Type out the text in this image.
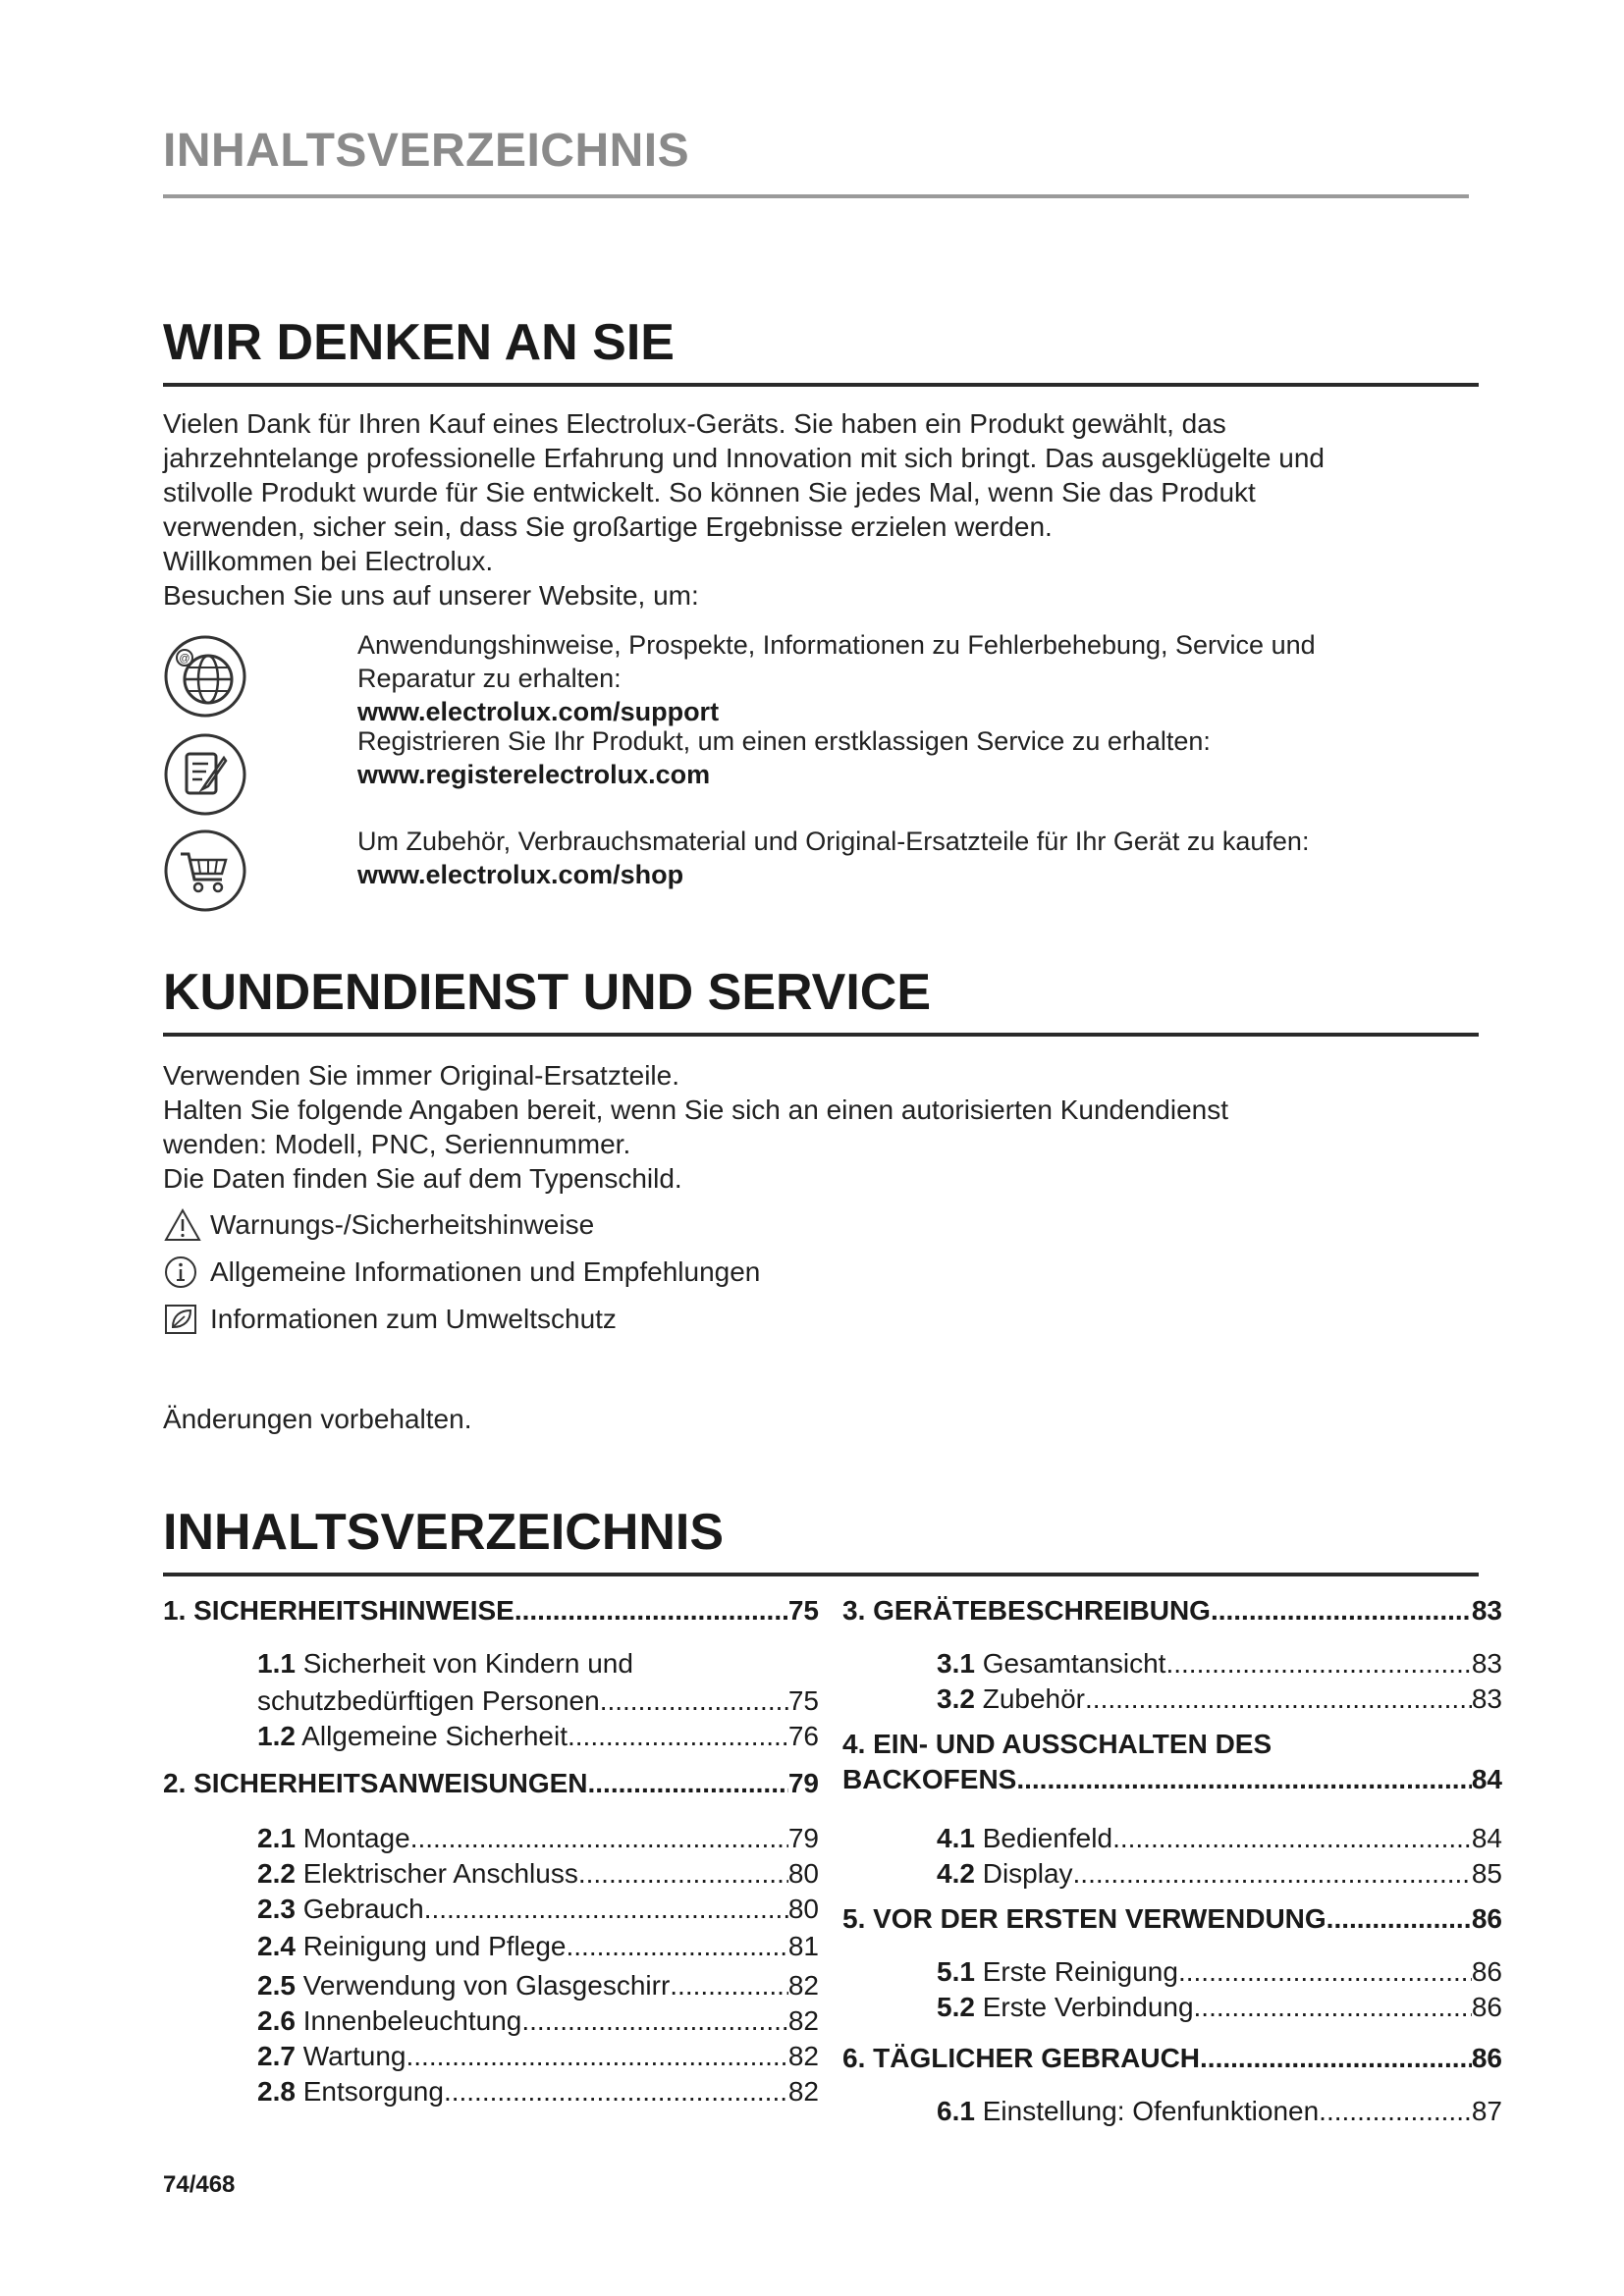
INHALTSVERZEICHNIS
WIR DENKEN AN SIE
Vielen Dank für Ihren Kauf eines Electrolux-Geräts. Sie haben ein Produkt gewählt, das
jahrzehntelange professionelle Erfahrung und Innovation mit sich bringt. Das ausgeklügelte und
stilvolle Produkt wurde für Sie entwickelt. So können Sie jedes Mal, wenn Sie das Produkt
verwenden, sicher sein, dass Sie großartige Ergebnisse erzielen werden.
Willkommen bei Electrolux.
Besuchen Sie uns auf unserer Website, um:
@	Anwendungshinweise, Prospekte, Informationen zu Fehlerbehebung, Service und
Reparatur zu erhalten:
www.electrolux.com/support
Registrieren Sie Ihr Produkt, um einen erstklassigen Service zu erhalten:
www.registerelectrolux.com
Um Zubehör, Verbrauchsmaterial und Original-Ersatzteile für Ihr Gerät zu kaufen:
www.electrolux.com/shop
KUNDENDIENST UND SERVICE
Verwenden Sie immer Original-Ersatzteile.
Halten Sie folgende Angaben bereit, wenn Sie sich an einen autorisierten Kundendienst
wenden: Modell, PNC, Seriennummer.
Die Daten finden Sie auf dem Typenschild.
Warnungs-/Sicherheitshinweise
Allgemeine Informationen und Empfehlungen
Informationen zum Umweltschutz
Änderungen vorbehalten.
INHALTSVERZEICHNIS
1. SICHERHEITSHINWEISE .....	75
1.1 Sicherheit von Kindern und
schutzbedürftigen Personen .....	75
1.2 Allgemeine Sicherheit .....	76
2. SICHERHEITSANWEISUNGEN .....	79
2.1 Montage .....	79
2.2 Elektrischer Anschluss .....	80
2.3 Gebrauch .....	80
2.4 Reinigung und Pflege .....	81
2.5 Verwendung von Glasgeschirr .....	82
2.6 Innenbeleuchtung .....	82
2.7 Wartung .....	82
2.8 Entsorgung .....	82
3. GERÄTEBESCHREIBUNG .....	83
3.1 Gesamtansicht .....	83
3.2 Zubehör .....	83
4. EIN- UND AUSSCHALTEN DES
BACKOFENS .....	84
4.1 Bedienfeld .....	84
4.2 Display .....	85
5. VOR DER ERSTEN VERWENDUNG .....	86
5.1 Erste Reinigung .....	86
5.2 Erste Verbindung .....	86
6. TÄGLICHER GEBRAUCH .....	86
6.1 Einstellung: Ofenfunktionen .....	87
74/468
